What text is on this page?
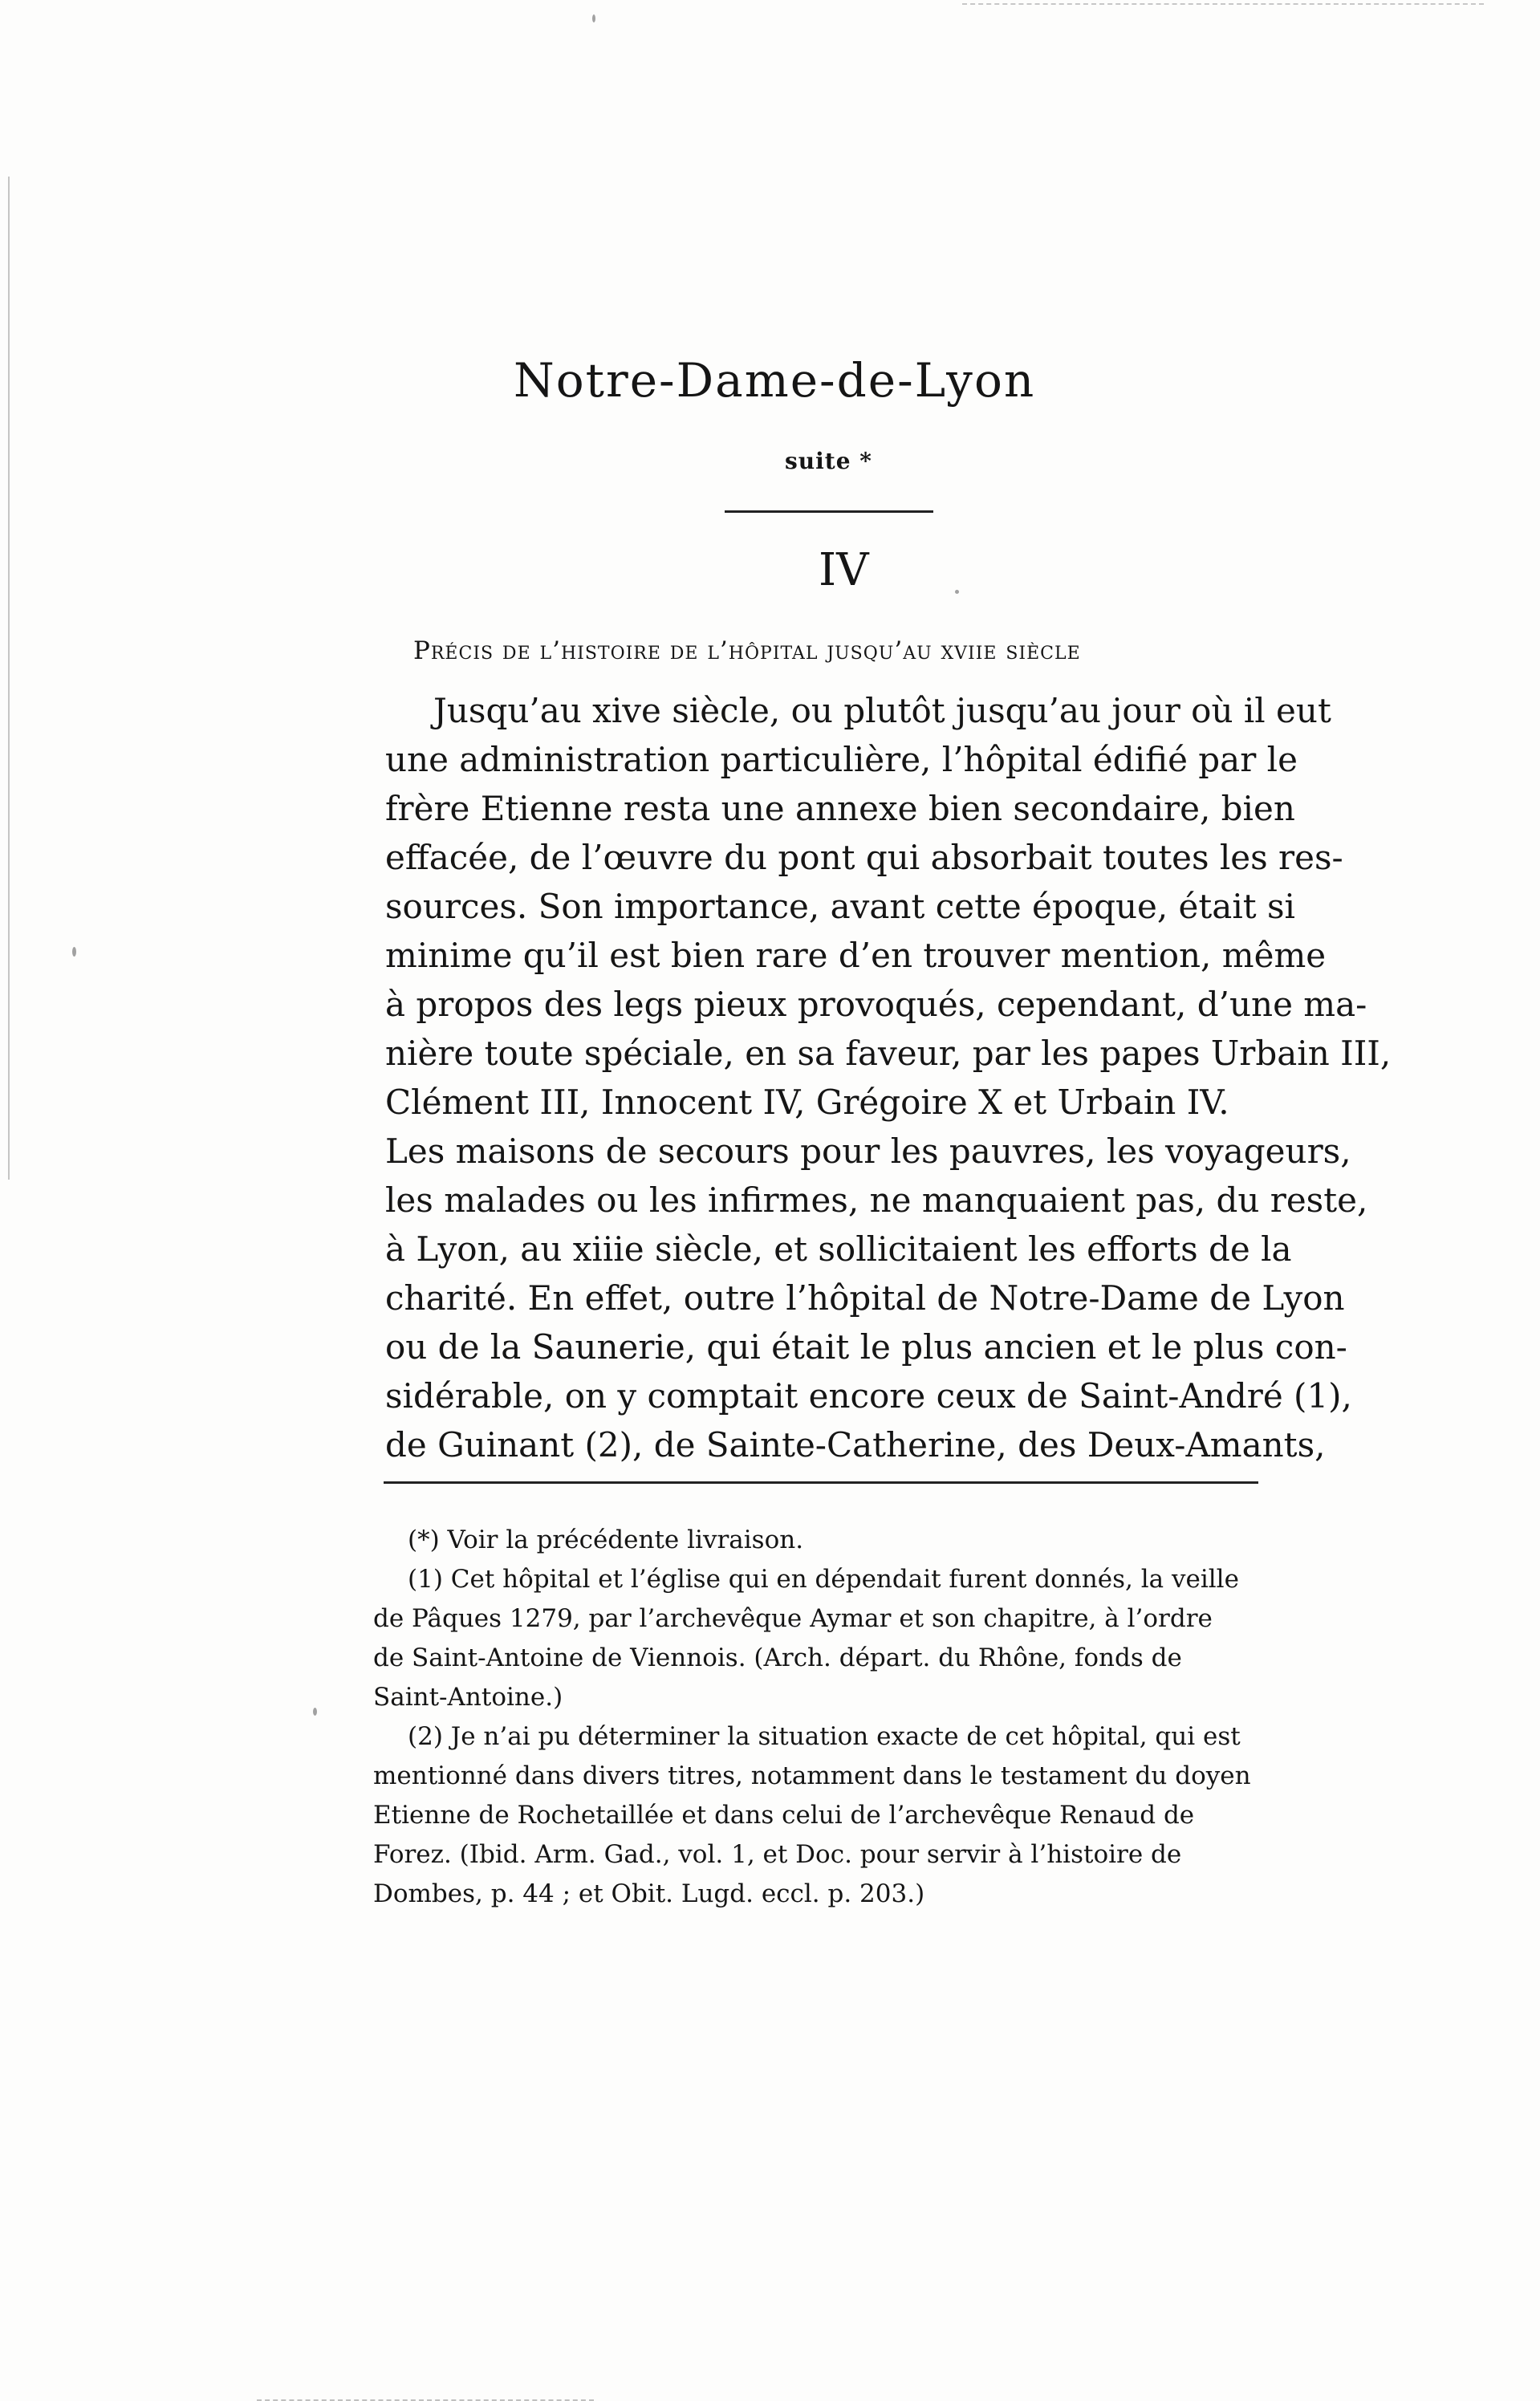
Notre-Dame-de-Lyon
suite *
IV
Précis de l’histoire de l’hôpital jusqu’au xviie siècle
Jusqu’au xive siècle, ou plutôt jusqu’au jour où il eut
une administration particulière, l’hôpital édifié par le
frère Etienne resta une annexe bien secondaire, bien
effacée, de l’œuvre du pont qui absorbait toutes les res-
sources. Son importance, avant cette époque, était si
minime qu’il est bien rare d’en trouver mention, même
à propos des legs pieux provoqués, cependant, d’une ma-
nière toute spéciale, en sa faveur, par les papes Urbain III,
Clément III, Innocent IV, Grégoire X et Urbain IV.
Les maisons de secours pour les pauvres, les voyageurs,
les malades ou les infirmes, ne manquaient pas, du reste,
à Lyon, au xiiie siècle, et sollicitaient les efforts de la
charité. En effet, outre l’hôpital de Notre-Dame de Lyon
ou de la Saunerie, qui était le plus ancien et le plus con-
sidérable, on y comptait encore ceux de Saint-André (1),
de Guinant (2), de Sainte-Catherine, des Deux-Amants,
(*) Voir la précédente livraison.
(1) Cet hôpital et l’église qui en dépendait furent donnés, la veille
de Pâques 1279, par l’archevêque Aymar et son chapitre, à l’ordre
de Saint-Antoine de Viennois. (Arch. départ. du Rhône, fonds de
Saint-Antoine.)
(2) Je n’ai pu déterminer la situation exacte de cet hôpital, qui est
mentionné dans divers titres, notamment dans le testament du doyen
Etienne de Rochetaillée et dans celui de l’archevêque Renaud de
Forez. (Ibid. Arm. Gad., vol. 1, et Doc. pour servir à l’histoire de
Dombes, p. 44 ; et Obit. Lugd. eccl. p. 203.)
